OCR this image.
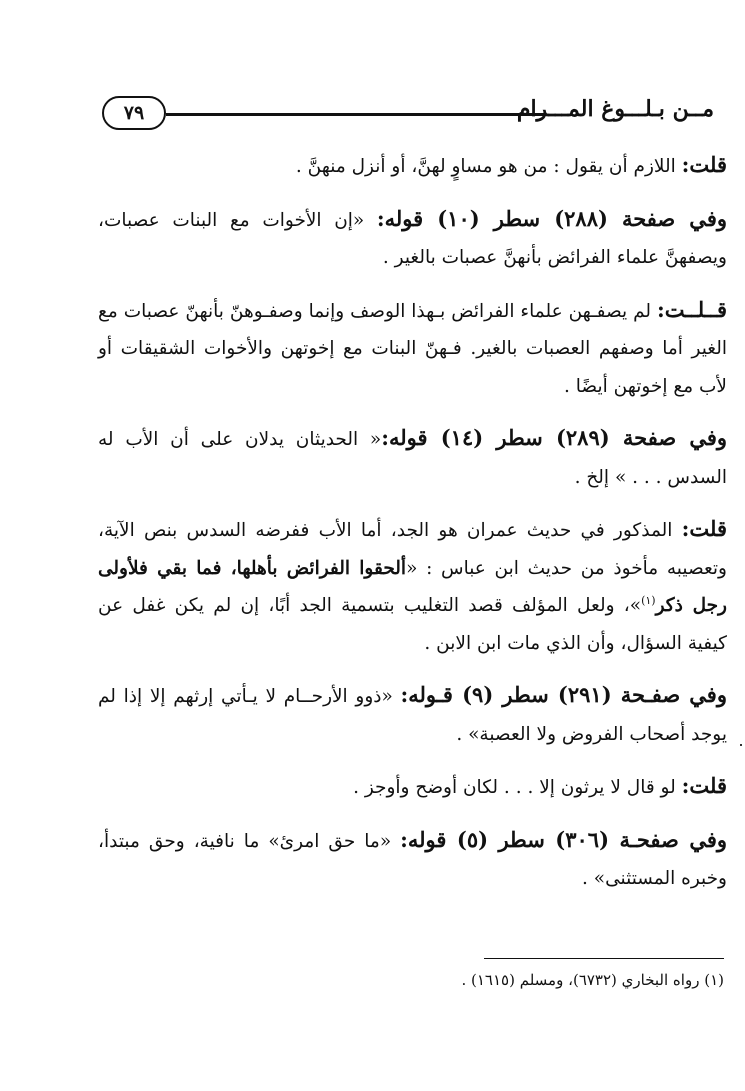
٧٩	مــن بـلـــوغ المـــرام

قلت: اللازم أن يقول : من هو مساوٍ لهنَّ، أو أنزل منهنَّ .

وفي صفحة (٢٨٨) سطر (١٠) قوله: «إن الأخوات مع البنات عصبات، ويصفهنَّ علماء الفرائض بأنهنَّ عصبات بالغير .

قــلــت: لم يصفـهن علماء الفرائض بـهذا الوصف وإنما وصفـوهنّ بأنهنّ عصبات مع الغير أما وصفهم العصبات بالغير. فـهنّ البنات مع إخوتهن والأخوات الشقيقات أو لأب مع إخوتهن أيضًا .

وفي صفحة (٢٨٩) سطر (١٤) قوله:« الحديثان يدلان على أن الأب له السدس . . . » إلخ .

قلت: المذكور في حديث عمران هو الجد، أما الأب ففرضه السدس بنص الآية، وتعصيبه مأخوذ من حديث ابن عباس : «ألحقوا الفرائض بأهلها، فما بقي فلأولى رجل ذكر$^{(١)}$»، ولعل المؤلف قصد التغليب بتسمية الجد أبًا، إن لم يكن غفل عن كيفية السؤال، وأن الذي مات ابن الابن .

وفي صفـحة (٢٩١) سطر (٩) قـوله: «ذوو الأرحــام لا يـأتي إرثهم إلا إذا لم يوجد أصحاب الفروض ولا العصبة» .

قلت: لو قال لا يرثون إلا . . . لكان أوضح وأوجز .

وفي صفحـة (٣٠٦) سطر (٥) قوله: «ما حق امرئ» ما نافية، وحق مبتدأ، وخبره المستثنى» .

(١) رواه البخاري (٦٧٣٢)، ومسلم (١٦١٥) .
